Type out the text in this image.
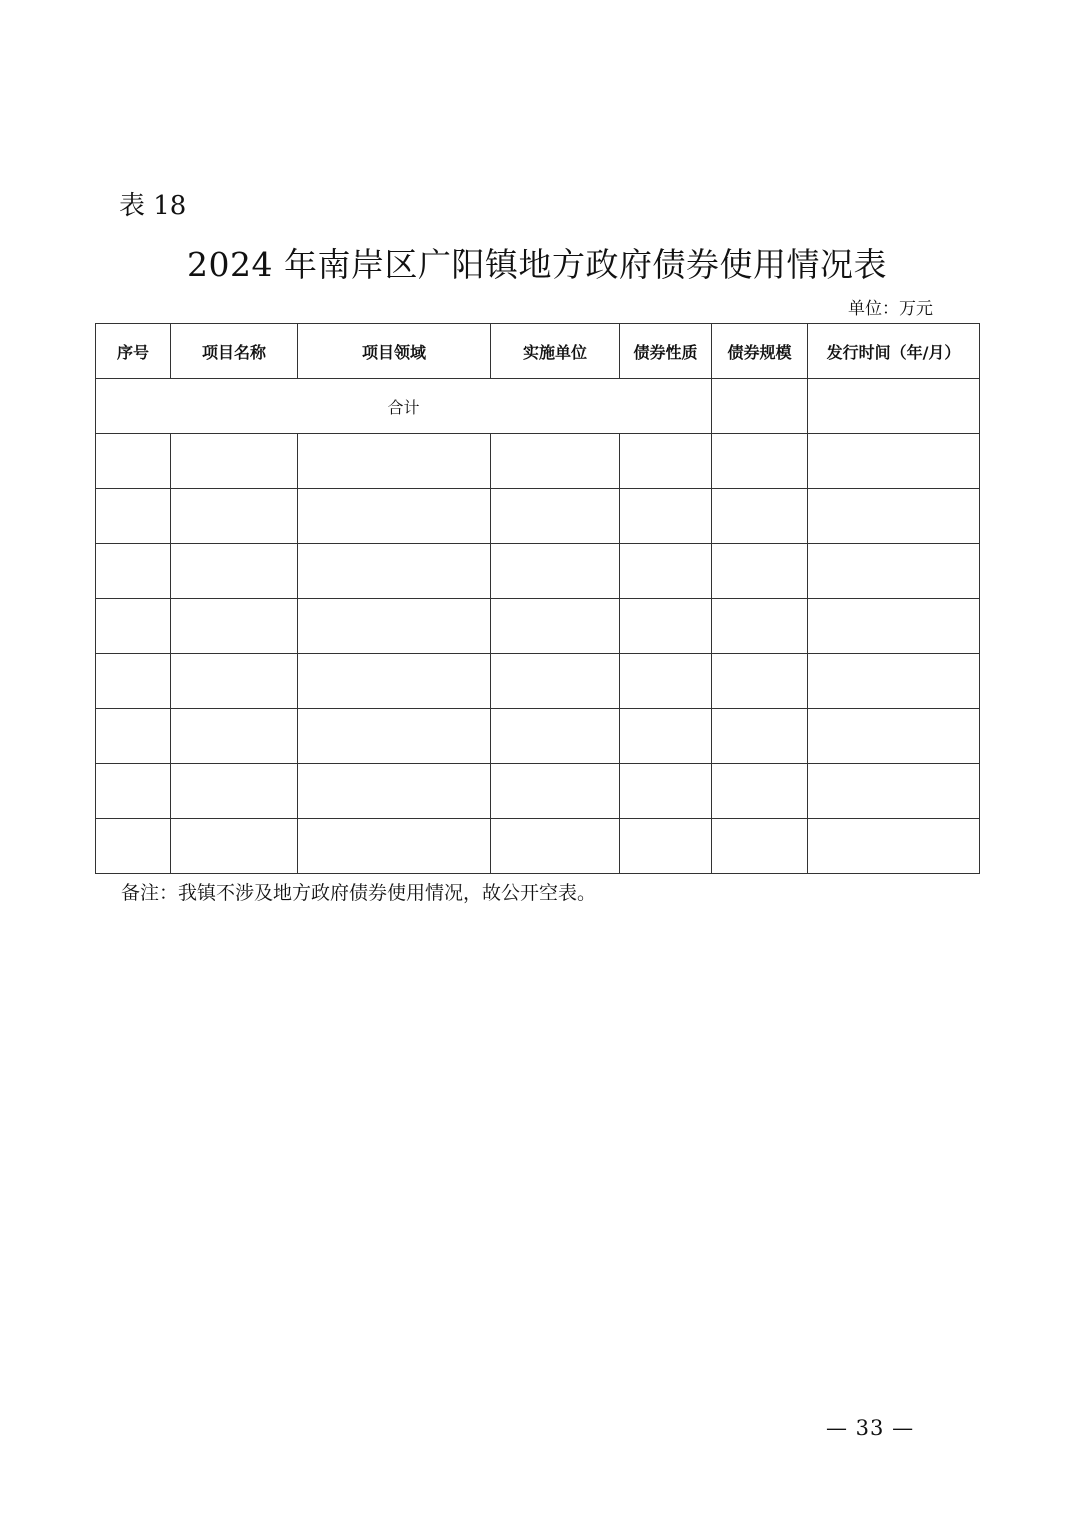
表 18
2024 年南岸区广阳镇地方政府债券使用情况表
单位：万元
序号	项目名称	项目领域	实施单位	债券性质	债券规模	发行时间（年/月）
合计						

备注：我镇不涉及地方政府债券使用情况，故公开空表。
— 33 —
